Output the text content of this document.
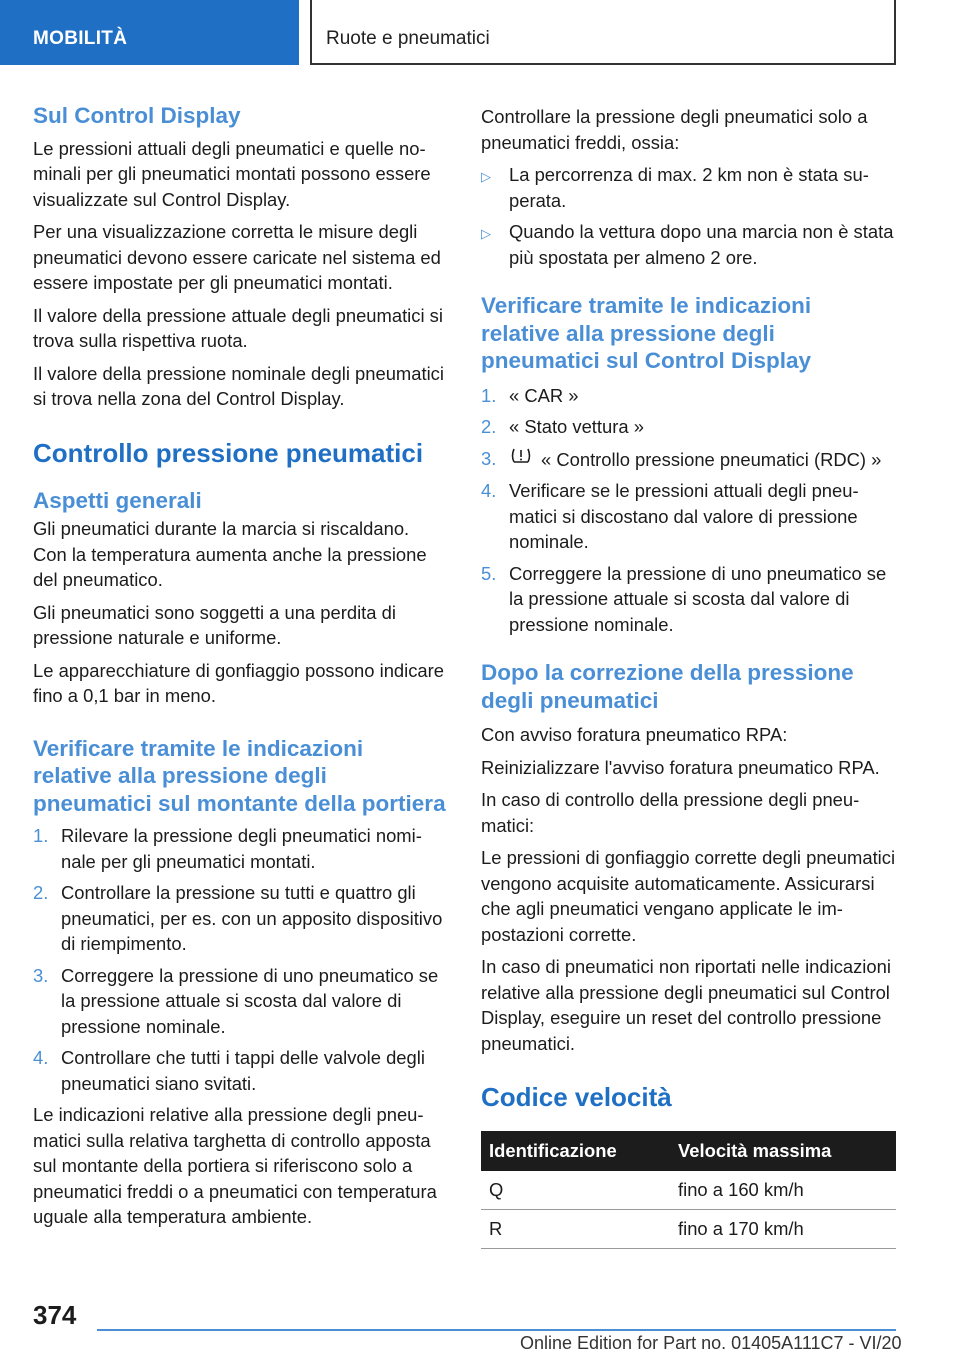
MOBILITÀ	Ruote e pneumatici
Sul Control Display

Le pressioni attuali degli pneumatici e quelle nominali per gli pneumatici montati possono essere visualizzate sul Control Display.

Per una visualizzazione corretta le misure degli pneumatici devono essere caricate nel sistema ed essere impostate per gli pneumatici montati.

Il valore della pressione attuale degli pneumatici si trova sulla rispettiva ruota.

Il valore della pressione nominale degli pneumatici si trova nella zona del Control Display.

Controllo pressione pneumatici
Aspetti generali

Gli pneumatici durante la marcia si riscaldano. Con la temperatura aumenta anche la pressione del pneumatico.

Gli pneumatici sono soggetti a una perdita di pressione naturale e uniforme.

Le apparecchiature di gonfiaggio possono indicare fino a 0,1 bar in meno.

Verificare tramite le indicazioni relative alla pressione degli pneumatici sul montante della portiera
1. Rilevare la pressione degli pneumatici nominale per gli pneumatici montati.
2. Controllare la pressione su tutti e quattro gli pneumatici, per es. con un apposito dispositivo di riempimento.
3. Correggere la pressione di uno pneumatico se la pressione attuale si scosta dal valore di pressione nominale.
4. Controllare che tutti i tappi delle valvole degli pneumatici siano svitati.

Le indicazioni relative alla pressione degli pneumatici sulla relativa targhetta di controllo apposta sul montante della portiera si riferiscono solo a pneumatici freddi o a pneumatici con temperatura uguale alla temperatura ambiente.

Controllare la pressione degli pneumatici solo a pneumatici freddi, ossia:

▷ La percorrenza di max. 2 km non è stata superata.
▷ Quando la vettura dopo una marcia non è stata più spostata per almeno 2 ore.
Verificare tramite le indicazioni relative alla pressione degli pneumatici sul Control Display
1. « CAR »
2. « Stato vettura »
3.	« Controllo pressione pneumatici (RDC) »
4. Verificare se le pressioni attuali degli pneumatici si discostano dal valore di pressione nominale.
5. Correggere la pressione di uno pneumatico se la pressione attuale si scosta dal valore di pressione nominale.
Dopo la correzione della pressione degli pneumatici

Con avviso foratura pneumatico RPA:

Reinizializzare l'avviso foratura pneumatico RPA.

In caso di controllo della pressione degli pneumatici:

Le pressioni di gonfiaggio corrette degli pneumatici vengono acquisite automaticamente. Assicurarsi che agli pneumatici vengano applicate le impostazioni corrette.

In caso di pneumatici non riportati nelle indicazioni relative alla pressione degli pneumatici sul Control Display, eseguire un reset del controllo pressione pneumatici.

Codice velocità
Identificazione	Velocità massima
Q	fino a 160 km/h
R	fino a 170 km/h
374
Online Edition for Part no. 01405A111C7 - VI/20
